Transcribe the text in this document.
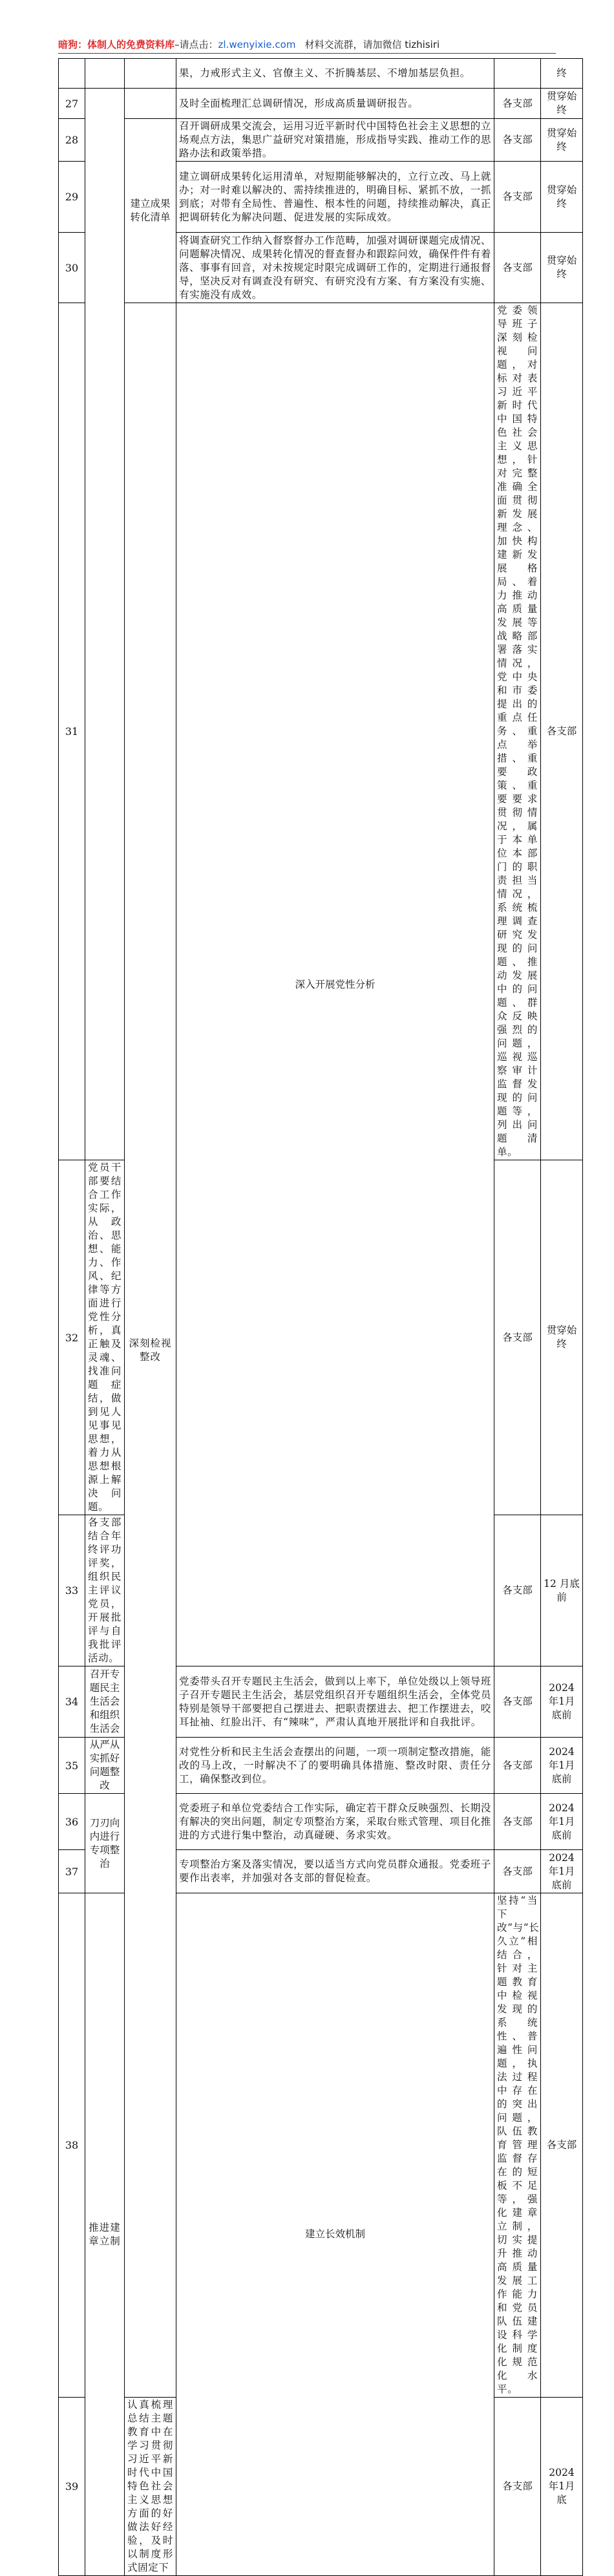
暗狗：体制人的免费资料库–请点击：zl.wenyixie.com 材料交流群，请加微信 tizhisiri
			果，力戒形式主义、官僚主义、不折腾基层、不增加基层负担。		终	
27			及时全面梳理汇总调研情况，形成高质量调研报告。	各支部	贯穿始终	
28		建立成果转化清单	召开调研成果交流会，运用习近平新时代中国特色社会主义思想的立场观点方法，集思广益研究对策措施，形成指导实践、推动工作的思路办法和政策举措。	各支部	贯穿始终	
29			建立调研成果转化运用清单，对短期能够解决的，立行立改、马上就办；对一时难以解决的、需持续推进的，明确目标、紧抓不放，一抓到底；对带有全局性、普遍性、根本性的问题，持续推动解决，真正把调研转化为解决问题、促进发展的实际成效。	各支部	贯穿始终	
30			将调查研究工作纳入督察督办工作范畴，加强对调研课题完成情况、问题解决情况、成果转化情况的督查督办和跟踪问效，确保件件有着落、事事有回音，对未按规定时限完成调研工作的，定期进行通报督导，坚决反对有调查没有研究、有研究没有方案、有方案没有实施、有实施没有成效。	各支部	贯穿始终	
31		深刻检视整改	深入开展党性分析	党委领导班子深刻检视问题，对标对表习近平新时代中国特色社会主义思想，针对完整准确全面贯彻新发展理念、加快构建新发展格局、着力推动高质量发展等战略部署落实情况，党中央和市委提出的重点任务、重点举措、重要政策、重要要求贯彻情况，属于本单位本部门的职责担当情况，系统梳理调查研究发现的问题、推动发展中的问题、群众反映强烈的问题，巡视巡察审计监督发现的问题等，列出问题清单。	各支部	
32	党员干部要结合工作实际，从政治、思想、能力、作风、纪律等方面进行党性分析，真正触及灵魂、找准问题症结，做到见人见事见思想，着力从思想根源上解决问题。			各支部	贯穿始终	
33	各支部结合年终评功评奖，组织民主评议党员，开展批评与自我批评活动。			各支部	12 月底前	
34	召开专题民主生活会和组织生活会		党委带头召开专题民主生活会，做到以上率下，单位处级以上领导班子召开专题民主生活会，基层党组织召开专题组织生活会，全体党员特别是领导干部要把自己摆进去、把职责摆进去、把工作摆进去，咬耳扯袖、红脸出汗、有“辣味”，严肃认真地开展批评和自我批评。	各支部	2024 年1月底前	
35	从严从实抓好问题整改		对党性分析和民主生活会查摆出的问题，一项一项制定整改措施，能改的马上改，一时解决不了的要明确具体措施、整改时限、责任分工，确保整改到位。	各支部	2024 年1月底前	
36	刀刃向内进行专项整治		党委班子和单位党委结合工作实际，确定若干群众反映强烈、长期没有解决的突出问题，制定专项整治方案，采取台账式管理、项目化推进的方式进行集中整治，动真碰硬、务求实效。	各支部	2024 年1月底前	
37			专项整治方案及落实情况，要以适当方式向党员群众通报。党委班子要作出表率，并加强对各支部的督促检查。	各支部	2024 年1月底前	
38	推进建章立制		建立长效机制	坚持“当下改”与“长久立”相结合，针对主题教育中检视发现的系统性、普遍性问题，执法过程中存在的突出问题，队伍教育管理监督存在的短板不足等，强化建章立制，切实提升推动高质量发展工作能力和党员队伍建设科学化制度化规范化水平。	各支部	
39		认真梳理总结主题教育中在学习贯彻习近平新时代中国特色社会主义思想方面的好做法好经验，及时以制度形式固定下		各支部	2024 年1月底	
